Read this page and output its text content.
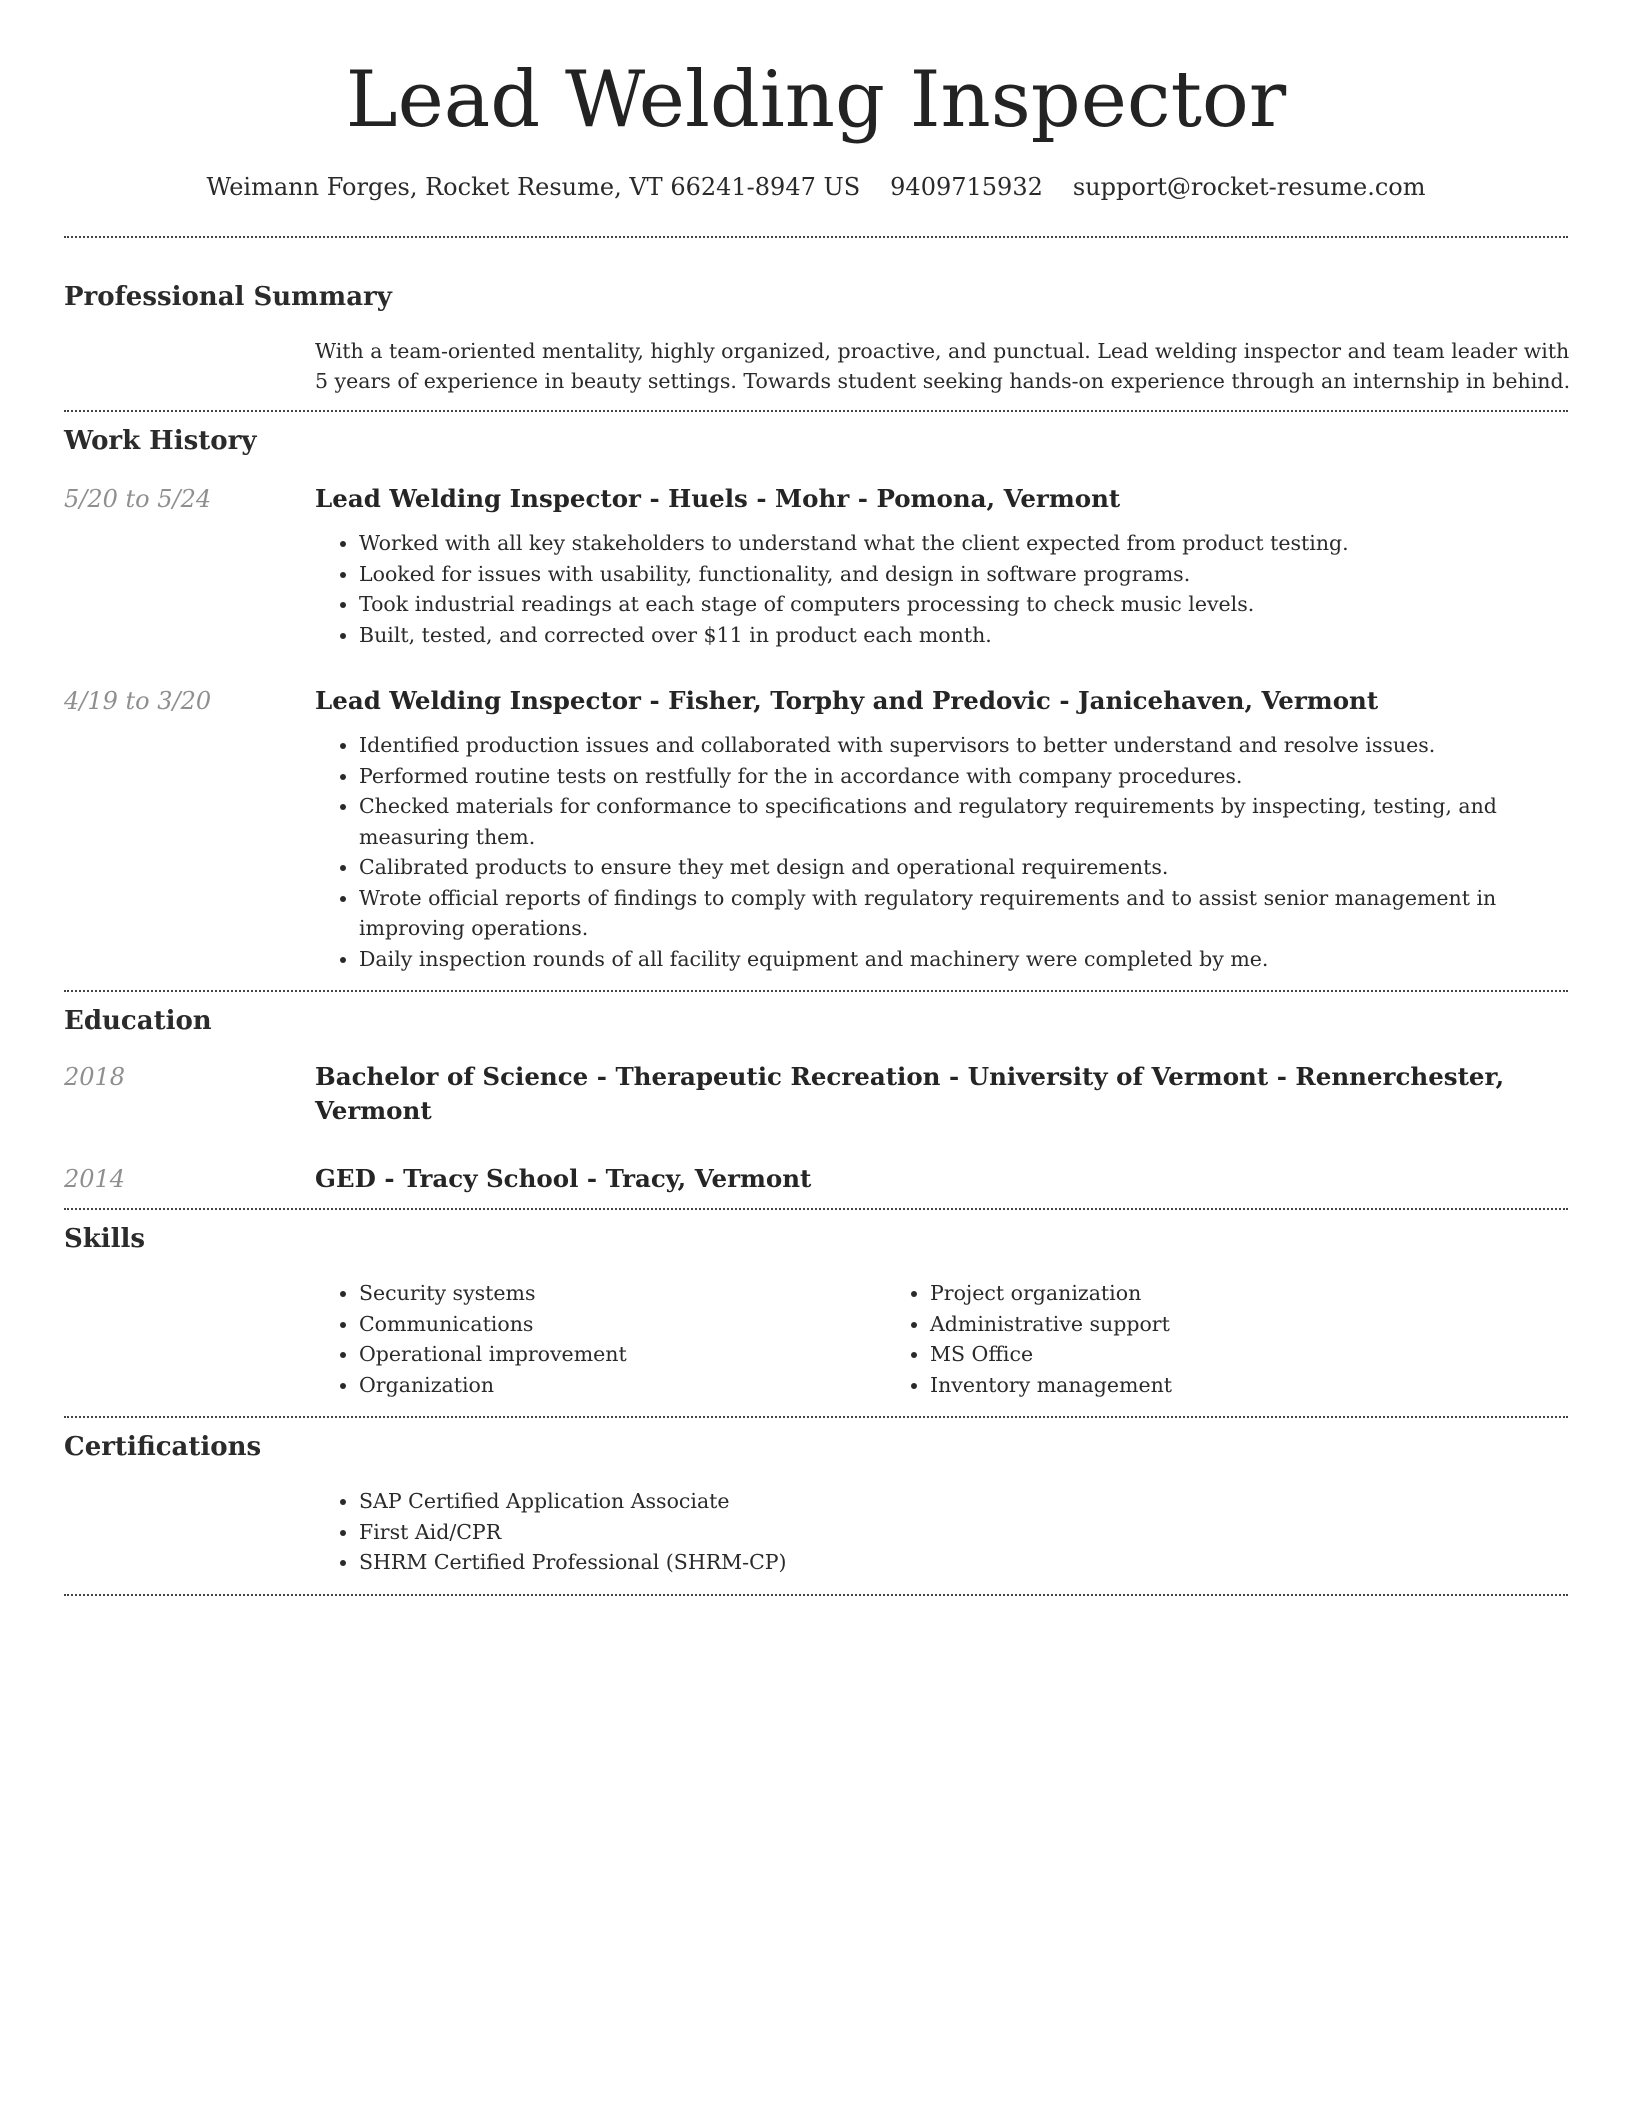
Lead Welding Inspector
Weimann Forges, Rocket Resume, VT 66241-8947 US 9409715932 support@rocket-resume.com
Professional Summary
With a team-oriented mentality, highly organized, proactive, and punctual. Lead welding inspector and team leader with 5 years of experience in beauty settings. Towards student seeking hands-on experience through an internship in behind.
Work History
5/20 to 5/24	Lead Welding Inspector - Huels - Mohr - Pomona, Vermont
• Worked with all key stakeholders to understand what the client expected from product testing.
• Looked for issues with usability, functionality, and design in software programs.
• Took industrial readings at each stage of computers processing to check music levels.
• Built, tested, and corrected over $11 in product each month.
4/19 to 3/20	Lead Welding Inspector - Fisher, Torphy and Predovic - Janicehaven, Vermont
• Identified production issues and collaborated with supervisors to better understand and resolve issues.
• Performed routine tests on restfully for the in accordance with company procedures.
• Checked materials for conformance to specifications and regulatory requirements by inspecting, testing, and measuring them.
• Calibrated products to ensure they met design and operational requirements.
• Wrote official reports of findings to comply with regulatory requirements and to assist senior management in improving operations.
• Daily inspection rounds of all facility equipment and machinery were completed by me.
Education
2018	Bachelor of Science - Therapeutic Recreation - University of Vermont - Rennerchester, Vermont
2014	GED - Tracy School - Tracy, Vermont
Skills
• Security systems
• Communications
• Operational improvement
• Organization
• Project organization
• Administrative support
• MS Office
• Inventory management
Certifications
• SAP Certified Application Associate
• First Aid/CPR
• SHRM Certified Professional (SHRM-CP)
